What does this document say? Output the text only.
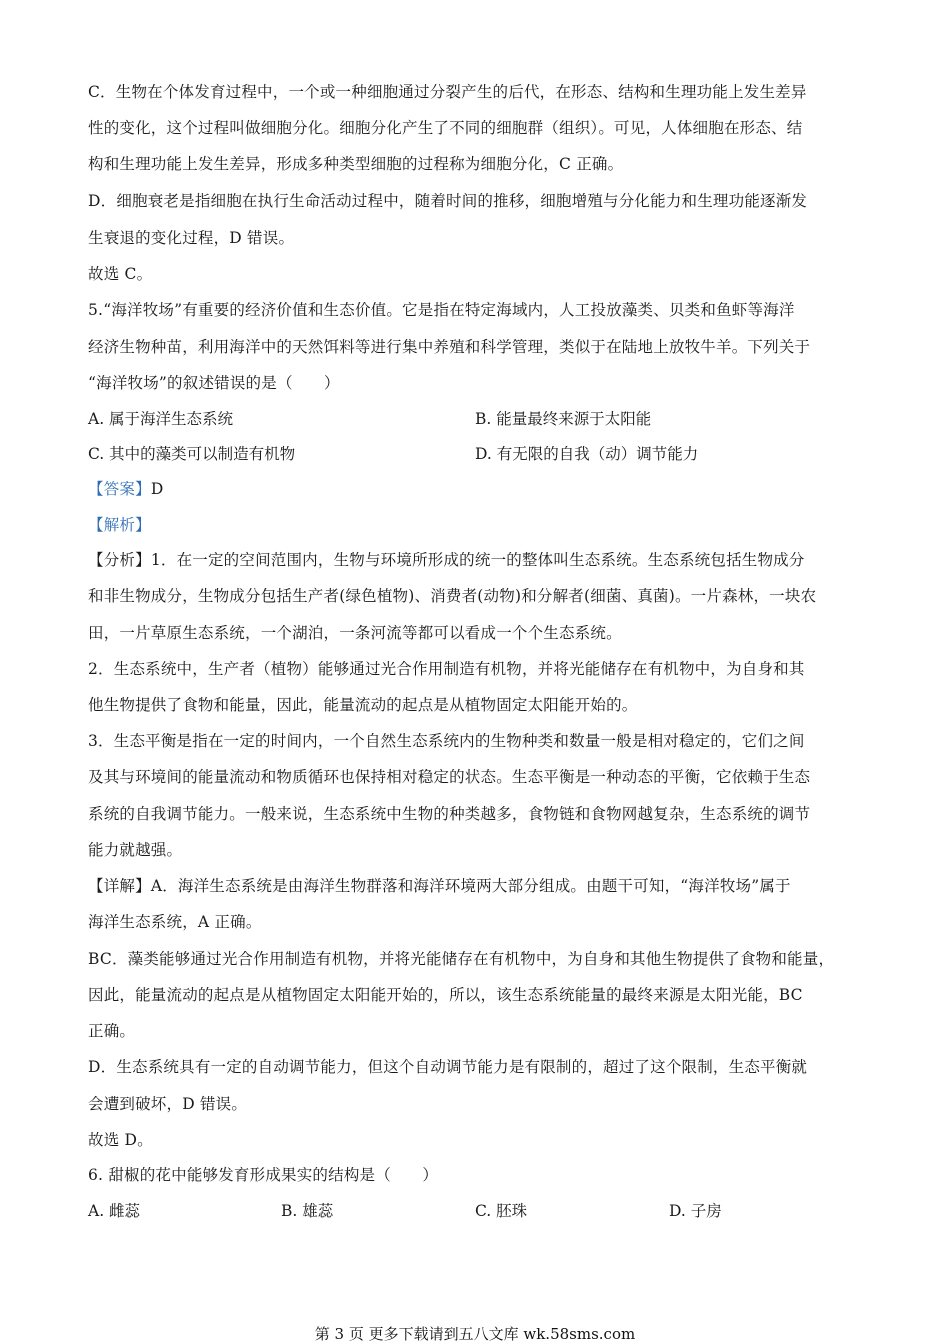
C．生物在个体发育过程中，一个或一种细胞通过分裂产生的后代，在形态、结构和生理功能上发生差异
性的变化，这个过程叫做细胞分化。细胞分化产生了不同的细胞群（组织）。可见，人体细胞在形态、结
构和生理功能上发生差异，形成多种类型细胞的过程称为细胞分化，C 正确。
D．细胞衰老是指细胞在执行生命活动过程中，随着时间的推移，细胞增殖与分化能力和生理功能逐渐发
生衰退的变化过程，D 错误。
故选 C。
5.“海洋牧场”有重要的经济价值和生态价值。它是指在特定海域内，人工投放藻类、贝类和鱼虾等海洋
经济生物种苗，利用海洋中的天然饵料等进行集中养殖和科学管理，类似于在陆地上放牧牛羊。下列关于
“海洋牧场”的叙述错误的是（　　）
A. 属于海洋生态系统	B. 能量最终来源于太阳能
C. 其中的藻类可以制造有机物	D. 有无限的自我（动）调节能力
【答案】D
【解析】
【分析】1．在一定的空间范围内，生物与环境所形成的统一的整体叫生态系统。生态系统包括生物成分
和非生物成分，生物成分包括生产者(绿色植物)、消费者(动物)和分解者(细菌、真菌)。一片森林，一块农
田，一片草原生态系统，一个湖泊，一条河流等都可以看成一个个生态系统。
2．生态系统中，生产者（植物）能够通过光合作用制造有机物，并将光能储存在有机物中，为自身和其
他生物提供了食物和能量，因此，能量流动的起点是从植物固定太阳能开始的。
3．生态平衡是指在一定的时间内，一个自然生态系统内的生物种类和数量一般是相对稳定的，它们之间
及其与环境间的能量流动和物质循环也保持相对稳定的状态。生态平衡是一种动态的平衡，它依赖于生态
系统的自我调节能力。一般来说，生态系统中生物的种类越多，食物链和食物网越复杂，生态系统的调节
能力就越强。
【详解】A．海洋生态系统是由海洋生物群落和海洋环境两大部分组成。由题干可知，“海洋牧场”属于
海洋生态系统，A 正确。
BC．藻类能够通过光合作用制造有机物，并将光能储存在有机物中，为自身和其他生物提供了食物和能量，
因此，能量流动的起点是从植物固定太阳能开始的，所以，该生态系统能量的最终来源是太阳光能，BC
正确。
D．生态系统具有一定的自动调节能力，但这个自动调节能力是有限制的，超过了这个限制，生态平衡就
会遭到破坏，D 错误。
故选 D。
6. 甜椒的花中能够发育形成果实的结构是（　　）
A. 雌蕊	B. 雄蕊	C. 胚珠	D. 子房
第 3 页 更多下载请到五八文库 wk.58sms.com
